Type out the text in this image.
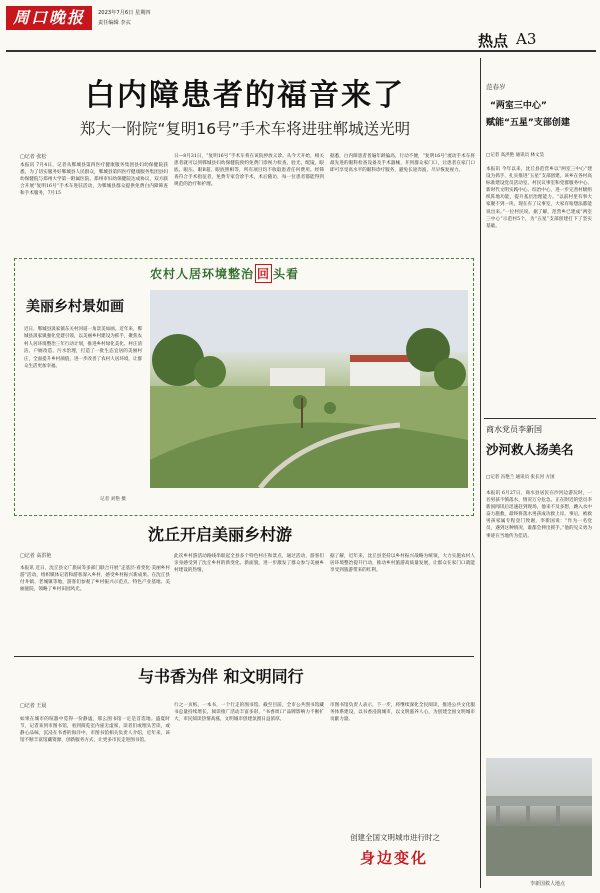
周口晚报	2023年7月6日 星期四
责任编辑 李玄
热点 A3
白内障患者的福音来了
郑大一附院“复明16号”手术车将进驻郸城送光明
□记者 张松
本报讯 7月4日，记者从郸城县第四医疗健康服务集团县妇幼保健院获悉，为了切实服务好郸城县人民群众，郸城县第四医疗健康服务集团县妇幼保健院与郑州大学第一附属医院、郑州市妇幼保健院达成协议，双方联合开展“复明16号”手术车进驻活动，为郸城县群众提供免费白内障筛查和手术服务，7月15
日—8月31日，“复明16号”手术车将在该院停放义诊。从今天开始，相关患者就可以到郸城县妇幼保健院预约免费门诊视力检查、验光、配镜，眼底、眼压、眼B超、眼底照相等，所有项目均不收取患者任何费用。经筛查符合手术指征者，免费专家会诊手术，术后随访，每一位患者都能得到规范的治疗和护理。
据悉，白内障患者普遍年龄偏高，行动不便，“复明16号”流动手术车将最先进的眼科检查设备及手术器械，开到群众家门口，让患者在家门口即可享受高水平的眼科诊疗服务，避免长途奔波，尽早恢复视力。
农村人居环境整治 回 头看
美丽乡村景如画
近日，郸城县汲家镇东关村河道一角景美如画。近年来，郸城县汲家镇强化党建引领，以美丽乡村建设为抓手，聚焦农村人居环境整治三年行动计划，推进乡村绿化美化、村庄清洁、户厕改造、污水治理，打造了一批生态宜居的美丽村庄，全面提升乡村颜值，进一步改善了农村人居环境，让群众生活更加幸福。
记者 刘艳 摄
沈丘开启美丽乡村游
□记者 高洪艳
本报讯 近日，沈丘县文广旅局等多部门联合开展“走基层·看变化·美丽乡村游”活动，组织媒体记者和游客深入乡村，感受乡村振兴新成果。在沈丘县付井镇、老城镇等地，游客们参观了乡村振兴示范点、特色产业基地、美丽庭院，领略了乡村田园风光。
此次乡村游活动路线串联起全县多个特色村庄和景点，通过活动，游客们亲身感受到了沈丘乡村的新变化、新面貌，进一步激发了群众参与美丽乡村建设的热情。
据了解，近年来，沈丘县坚持以乡村振兴战略为统领，大力实施农村人居环境整治提升行动，推动乡村旅游高质量发展，让群众在家门口就能享受到旅游带来的红利。
与书香为伴 和文明同行
□记者 王晨
如果在城市的喧嚣中觅得一份静谧，那么图书馆一定是首选地。盛夏时节，记者来到市图书馆，看到阅览室内座无虚席，读者们或埋头苦读，或静心品味，沉浸在书香的海洋中。市图书馆相关负责人介绍，近年来，该馆不断丰富馆藏资源，创新服务方式，让更多市民走进图书馆。
行之一页纸，一本书，一个行走的图书馆。截至目前，全市公共图书馆藏书总量持续增长，阅读推广活动丰富多彩，“书香周口”品牌影响力不断扩大，市民阅读热情高涨，文明城市创建氛围日益浓厚。
市图书馆负责人表示，下一步，将继续深化全民阅读，推进公共文化服务体系建设，以书香浸润城市，以文明滋养人心，为创建全国文明城市贡献力量。
创建全国文明城市进行时之
身边变化
范春岁
“两室三中心”
赋能“五星”支部创建
□记者 高洪艳 通讯员 林文昊
本报讯 今年以来，沈丘县范营乡以“两室三中心”建设为抓手，扎实推进“五星”支部创建。该乡在各村高标准建设党员活动室、村民议事室和党群服务中心、新时代文明实践中心、综治中心，进一步完善村级组织阵地功能，提升基层治理能力。“以前村里有事大家聚不到一块，现在有了议事室，大家有啥想法都能说出来。”一位村民说。据了解，范营乡已建成“两室三中心”示范村5个，为“五星”支部创建打下了坚实基础。
商水党员李新国
沙河救人扬美名
□记者 冯艳兰 通讯员 张长河 方国
本报讯 6月27日，商水县居民在沙河边游玩时，一名男孩不慎落水，情况万分危急。正在附近的党员李新国闻讯后迅速赶到现场，他来不及多想，跳入水中奋力施救，最终将落水男孩成功救上岸。事后，被救男孩家属专程登门致谢，李新国说：“作为一名党员，遇到这种情况，谁都会伸出援手。”他的见义勇为事迹在当地传为佳话。
李新国救人地点
